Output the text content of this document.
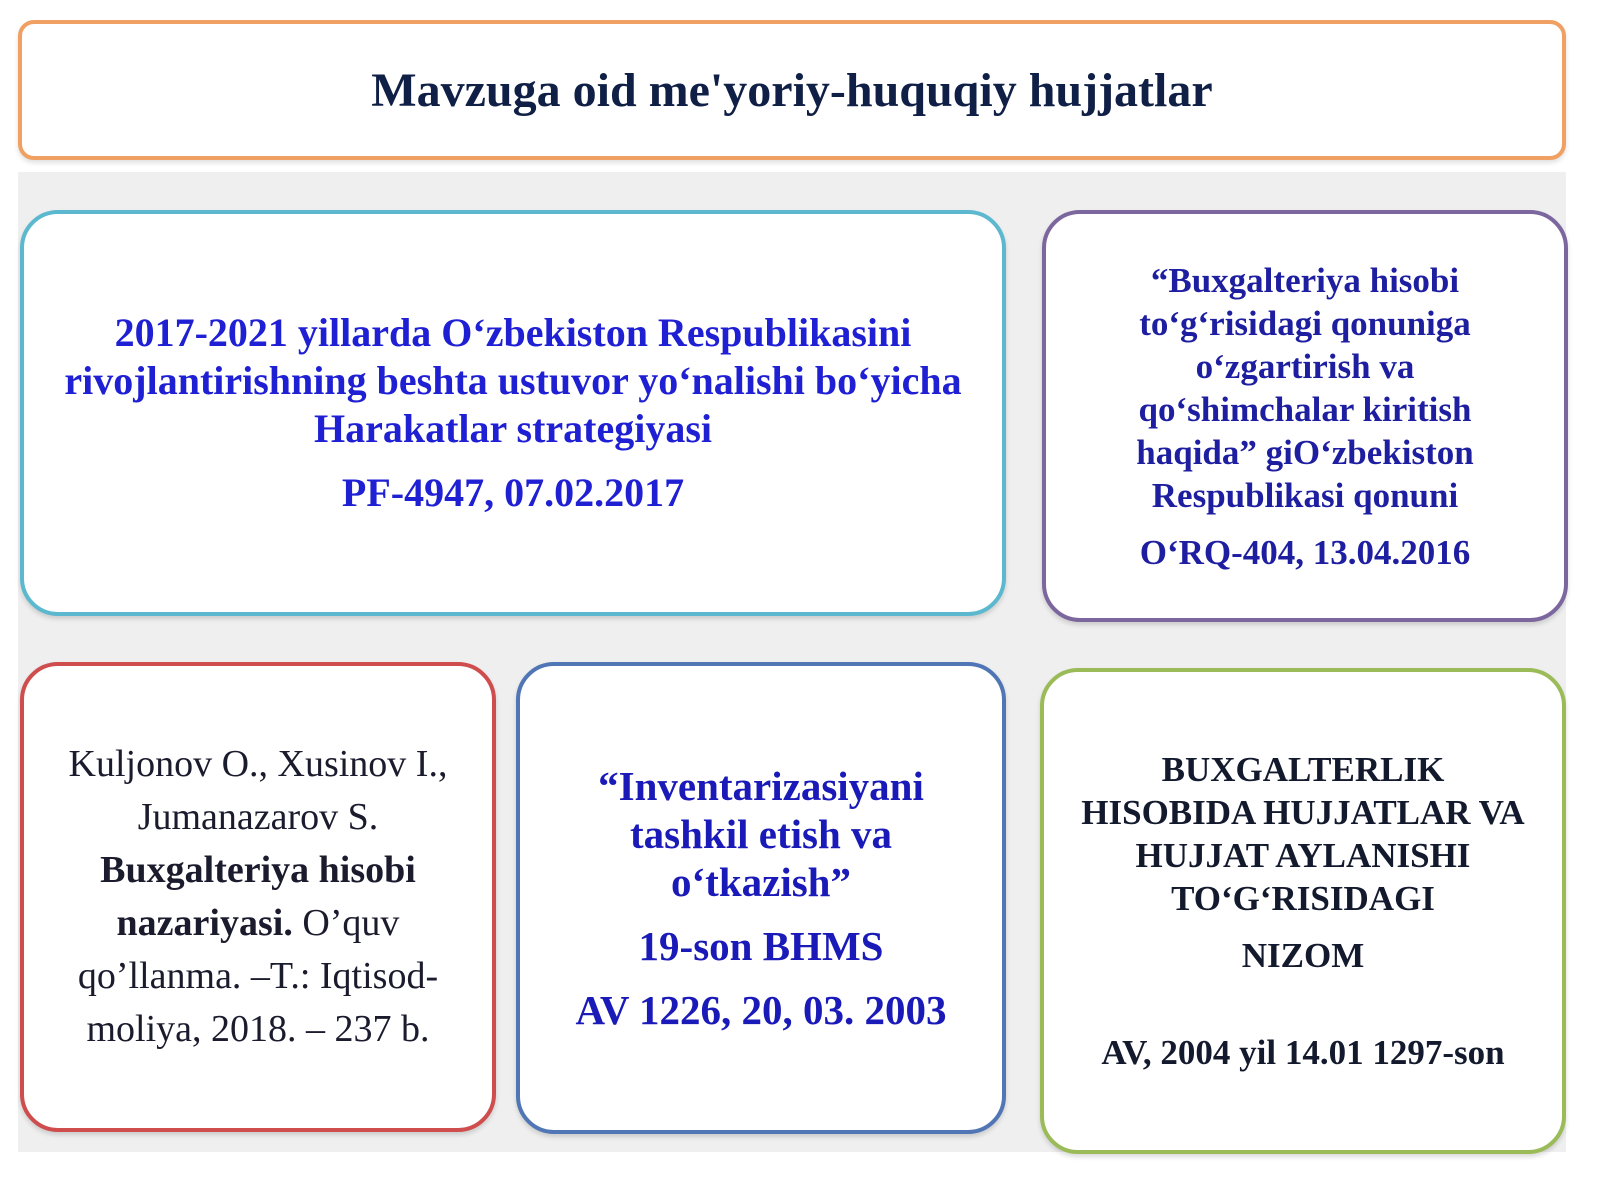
Mavzuga oid me'yoriy-huquqiy hujjatlar

2017-2021 yillarda O‘zbekiston Respublikasini rivojlantirishning beshta ustuvor yo‘nalishi bo‘yicha Harakatlar strategiyasi

PF-4947, 07.02.2017

“Buxgalteriya hisobi to‘g‘risidagi qonuniga o‘zgartirish va qo‘shimchalar kiritish haqida” giO‘zbekiston Respublikasi qonuni

O‘RQ-404, 13.04.2016

Kuljonov O., Xusinov I., Jumanazarov S. Buxgalteriya hisobi nazariyasi. O’quv qo’llanma. –T.: Iqtisod-moliya, 2018. – 237 b.

“Inventarizasiyani tashkil etish va o‘tkazish”

19-son BHMS

AV 1226, 20, 03. 2003

BUXGALTERLIK HISOBIDA HUJJATLAR VA HUJJAT AYLANISHI TO‘G‘RISIDAGI

NIZOM

AV, 2004 yil 14.01 1297-son
